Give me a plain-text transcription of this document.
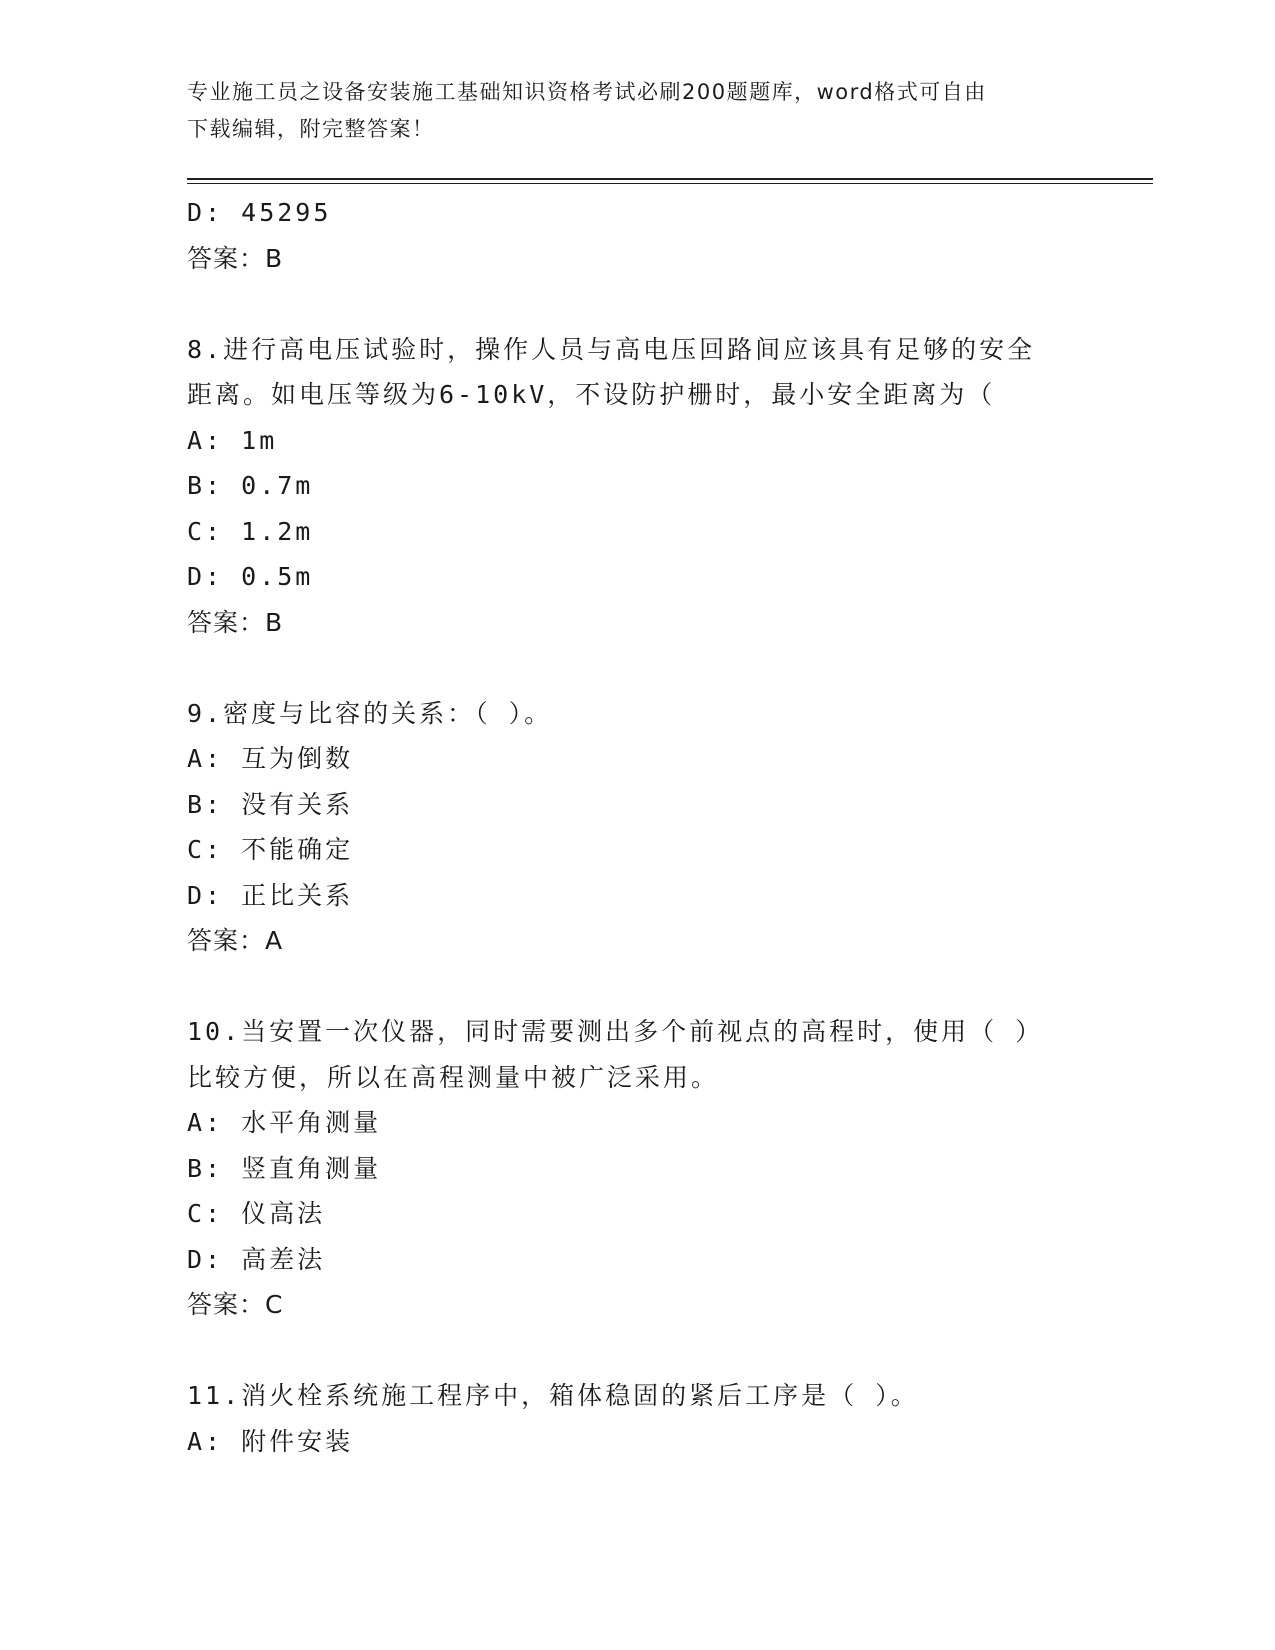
专业施工员之设备安装施工基础知识资格考试必刷200题题库，word格式可自由
下载编辑，附完整答案！
D: 45295
答案：B
8.进行高电压试验时，操作人员与高电压回路间应该具有足够的安全
距离。如电压等级为6-10kV，不设防护栅时，最小安全距离为（
A: 1m
B: 0.7m
C: 1.2m
D: 0.5m
答案：B
9.密度与比容的关系：（ ）。
A: 互为倒数
B: 没有关系
C: 不能确定
D: 正比关系
答案：A
10.当安置一次仪器，同时需要测出多个前视点的高程时，使用（ ）
比较方便，所以在高程测量中被广泛采用。
A: 水平角测量
B: 竖直角测量
C: 仪高法
D: 高差法
答案：C
11.消火栓系统施工程序中，箱体稳固的紧后工序是（ ）。
A: 附件安装
